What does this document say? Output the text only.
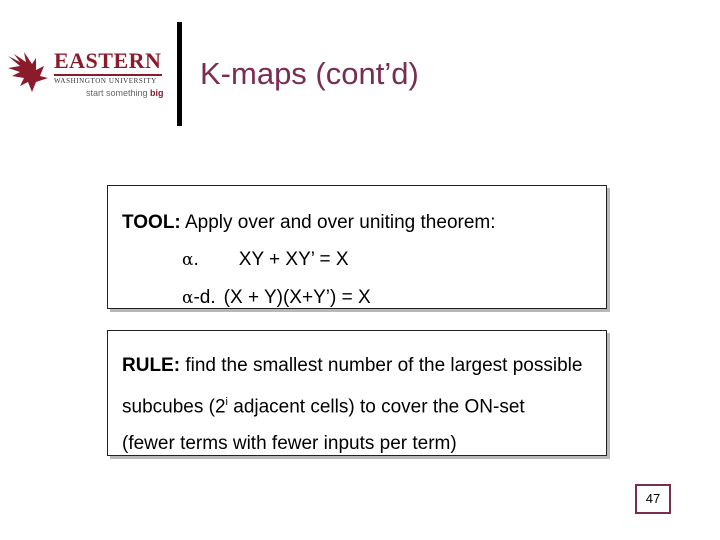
EASTERN
WASHINGTON UNIVERSITY
start something big
K-maps (cont’d)
TOOL: Apply over and over uniting theorem:
α. XY + XY’ = X
α-d. (X + Y)(X+Y’) = X
RULE: find the smallest number of the largest possible
subcubes (2$^i$ adjacent cells) to cover the ON-set
(fewer terms with fewer inputs per term)
47
